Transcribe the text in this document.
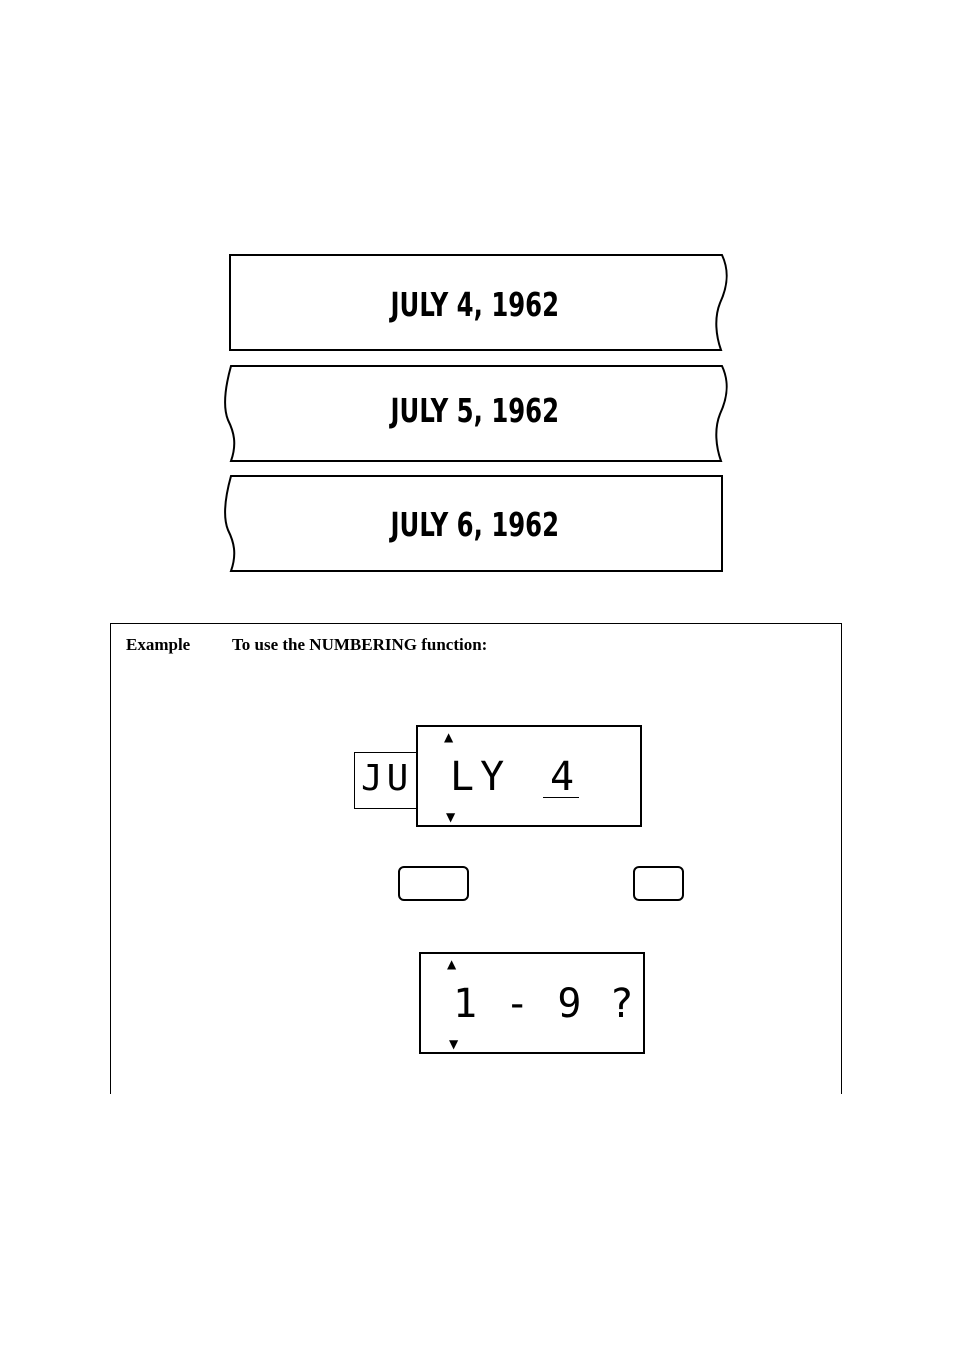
JULY 4, 1962
JULY 5, 1962
JULY 6, 1962
Example To use the NUMBERING function:
JU
▲
LY 4
▼
▲
1 - 9 ?
▼
